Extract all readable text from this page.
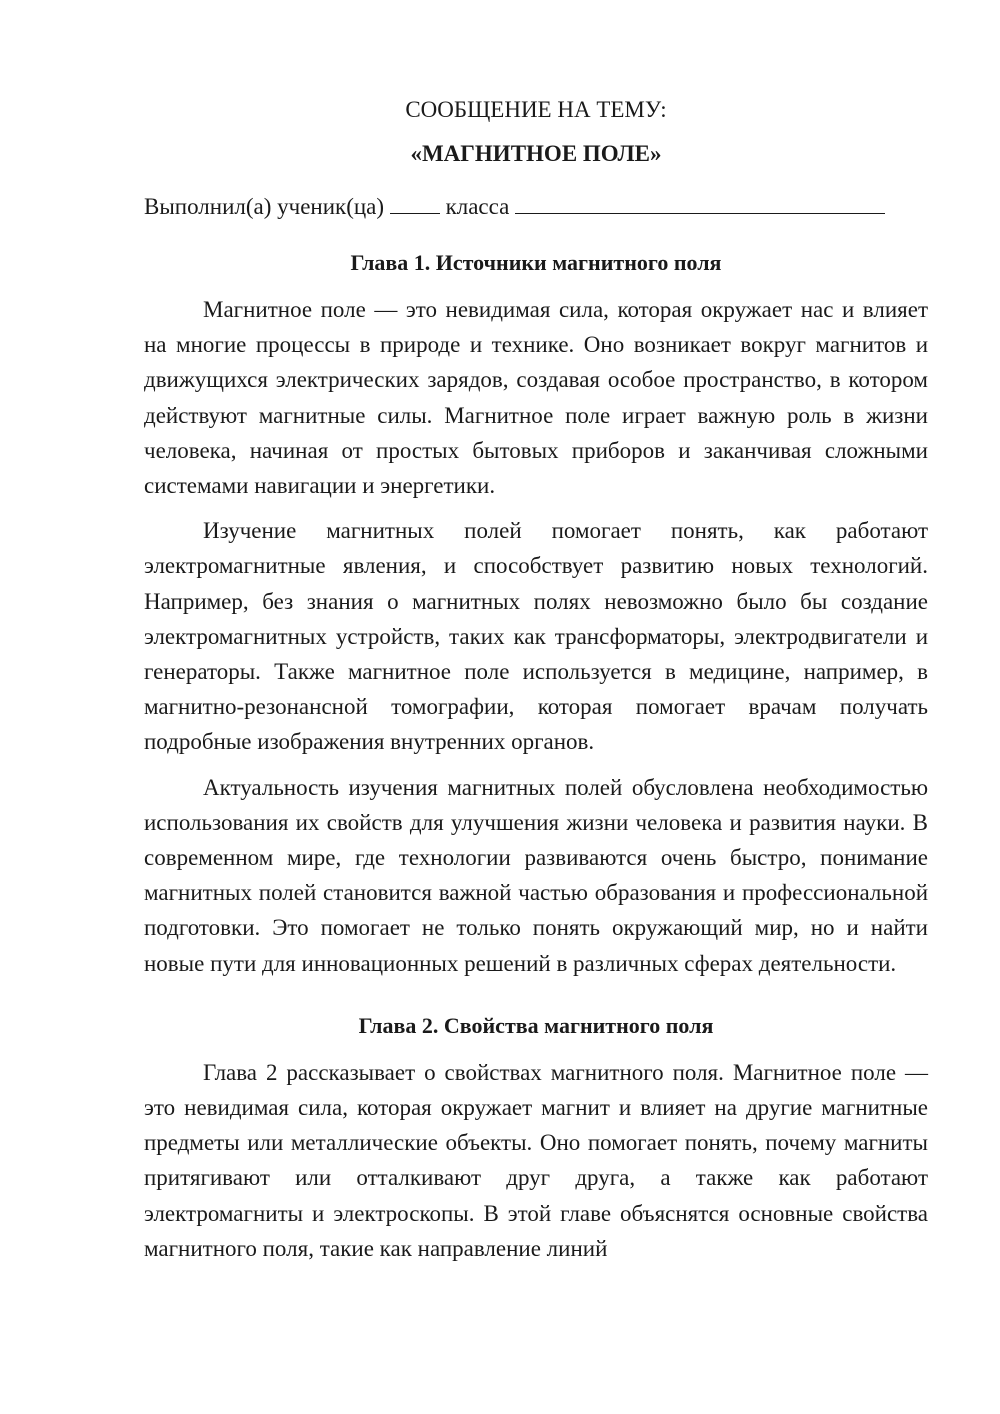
СООБЩЕНИЕ НА ТЕМУ:

«МАГНИТНОЕ ПОЛЕ»

Выполнил(а) ученик(ца)	класса

Глава 1. Источники магнитного поля

Магнитное поле — это невидимая сила, которая окружает нас и влияет на многие процессы в природе и технике. Оно возникает вокруг магнитов и движущихся электрических зарядов, создавая особое пространство, в котором действуют магнитные силы. Магнитное поле играет важную роль в жизни человека, начиная от простых бытовых приборов и заканчивая сложными системами навигации и энергетики.

Изучение магнитных полей помогает понять, как работают электромагнитные явления, и способствует развитию новых технологий. Например, без знания о магнитных полях невозможно было бы создание электромагнитных устройств, таких как трансформаторы, электродвигатели и генераторы. Также магнитное поле используется в медицине, например, в магнитно-резонансной томографии, которая помогает врачам получать подробные изображения внутренних органов.

Актуальность изучения магнитных полей обусловлена необходимостью использования их свойств для улучшения жизни человека и развития науки. В современном мире, где технологии развиваются очень быстро, понимание магнитных полей становится важной частью образования и профессиональной подготовки. Это помогает не только понять окружающий мир, но и найти новые пути для инновационных решений в различных сферах деятельности.

Глава 2. Свойства магнитного поля

Глава 2 рассказывает о свойствах магнитного поля. Магнитное поле — это невидимая сила, которая окружает магнит и влияет на другие магнитные предметы или металлические объекты. Оно помогает понять, почему магниты притягивают или отталкивают друг друга, а также как работают электромагниты и электроскопы. В этой главе объяснятся основные свойства магнитного поля, такие как направление линий
